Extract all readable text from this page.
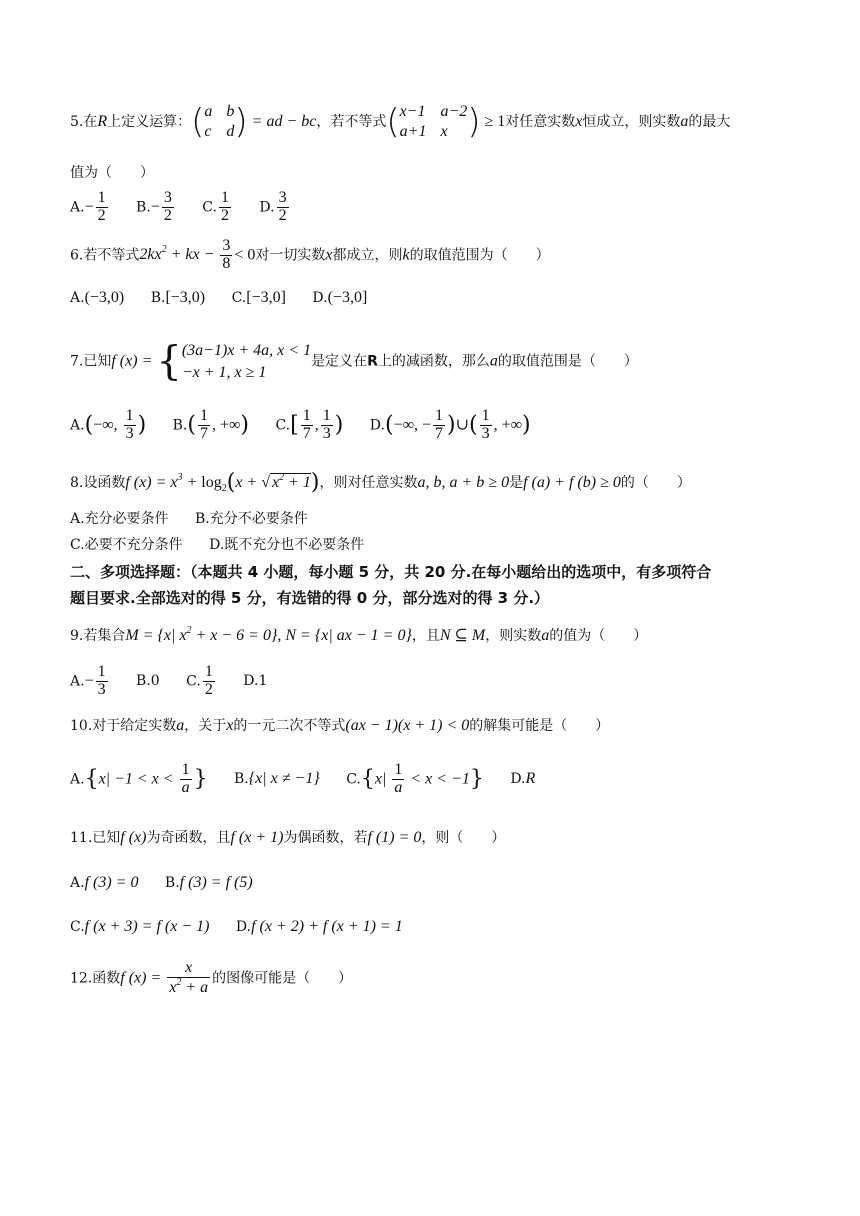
5.在R上定义运算：( a b
c d ) = ad − bc，若不等式( x−1 a−2
a+1 x ) ≥ 1对任意实数x恒成立，则实数a的最大
值为（　　）
$A.- \frac{1}{2} B.- \frac{3}{2} C$. $\frac{1}{2} D$. $\frac{3}{2}$
6.若不等式$2kx^2$ + kx − $\frac{3}{8} < 0$对一切实数x都成立，则k的取值范围为（　　）
A.(−3,0) B.[−3,0) C.[−3,0] D.(−3,0]
7.已知f (x) = { (3a−1)x + 4a, x < 1
−x + 1, x ≥ 1
是定义在R上的减函数，那么a的取值范围是（　　）
A.(−∞, $\frac{1}{3}$ ) $B.( \frac{1}{7}$ , +∞) $C.[ \frac{1}{7}$ , $\frac{1}{3}$ ) D.(−∞, − $\frac{1}{7}$ )∪( $\frac{1}{3}$ , +∞)
8.设函数f $(x) = x^3 + \log_2(x$ + √ $x^2 + 1$)，则对任意实数a, b, a + b ≥ 0是f (a) + f (b) ≥ 0的（　　）
A.充分必要条件 B.充分不必要条件
C.必要不充分条件 D.既不充分也不必要条件
二、多项选择题：（本题共 4 小题，每小题 5 分，共 20 分.在每小题给出的选项中，有多项符合
题目要求.全部选对的得 5 分，有选错的得 0 分，部分选对的得 3 分.）
9.若集合M = {x| $x^2 + x - 6 = 0$}, N = {x| ax − 1 = 0}，且N ⊆ M，则实数a的值为（　　）
$A.- \frac{1}{3} B.0$ C. $\frac{1}{2} D.1$
10.对于给定实数a，关于x的一元二次不等式(ax − 1)(x + 1) < 0的解集可能是（　　）
$A.\{x| -1 < x < \frac{1}{a}$ } B.{x| x ≠ −1} $C.\{x| \frac{1}{a} < x < -1\}$ D.R
11.已知f (x)为奇函数，且f (x + 1)为偶函数，若f (1) = 0，则（　　）
A.f (3) = 0 B.f (3) = f (5)
C.f (x + 3) = f (x − 1) D.f (x + 2) + f (x + 1) = 1
12.函数f $(x) = \frac{x}{x^2 + a}$ 的图像可能是（　　）
